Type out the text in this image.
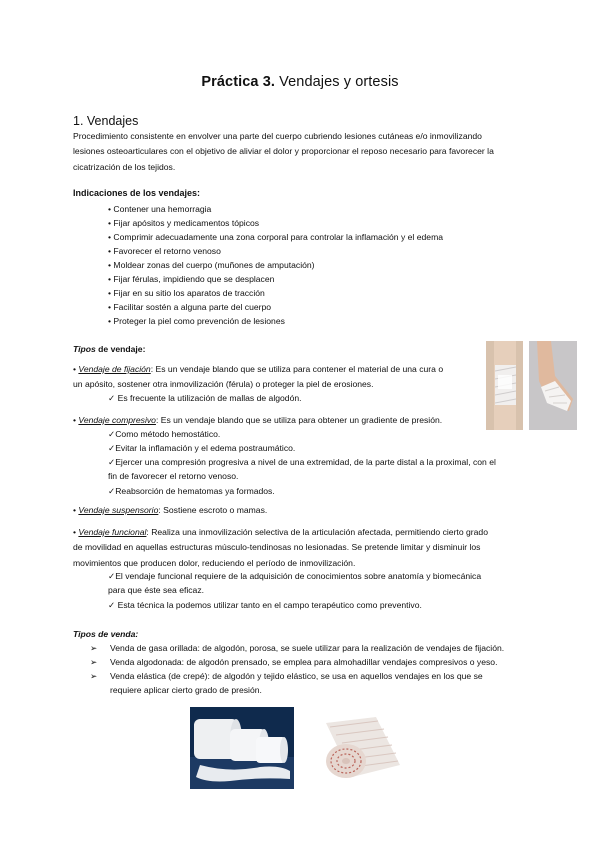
Práctica 3. Vendajes y ortesis
1. Vendajes
Procedimiento consistente en envolver una parte del cuerpo cubriendo lesiones cutáneas e/o inmovilizando
lesiones osteoarticulares con el objetivo de aliviar el dolor y proporcionar el reposo necesario para favorecer la
cicatrización de los tejidos.
Indicaciones de los vendajes:
• Contener una hemorragia
• Fijar apósitos y medicamentos tópicos
• Comprimir adecuadamente una zona corporal para controlar la inflamación y el edema
• Favorecer el retorno venoso
• Moldear zonas del cuerpo (muñones de amputación)
• Fijar férulas, impidiendo que se desplacen
• Fijar en su sitio los aparatos de tracción
• Facilitar sostén a alguna parte del cuerpo
• Proteger la piel como prevención de lesiones
Tipos de vendaje:
• Vendaje de fijación: Es un vendaje blando que se utiliza para contener el material de una cura o
un apósito, sostener otra inmovilización (férula) o proteger la piel de erosiones.
✓ Es frecuente la utilización de mallas de algodón.
• Vendaje compresivo: Es un vendaje blando que se utiliza para obtener un gradiente de presión.
✓Como método hemostático.
✓Evitar la inflamación y el edema postraumático.
✓Ejercer una compresión progresiva a nivel de una extremidad, de la parte distal a la proximal, con el
fin de favorecer el retorno venoso.
✓Reabsorción de hematomas ya formados.
• Vendaje suspensorio: Sostiene escroto o mamas.
• Vendaje funcional: Realiza una inmovilización selectiva de la articulación afectada, permitiendo cierto grado
de movilidad en aquellas estructuras músculo-tendinosas no lesionadas. Se pretende limitar y disminuir los
movimientos que producen dolor, reduciendo el período de inmovilización.
✓El vendaje funcional requiere de la adquisición de conocimientos sobre anatomía y biomecánica
para que éste sea eficaz.
✓ Esta técnica la podemos utilizar tanto en el campo terapéutico como preventivo.
Tipos de venda:
➢ Venda de gasa orillada: de algodón, porosa, se suele utilizar para la realización de vendajes de fijación.
➢ Venda algodonada: de algodón prensado, se emplea para almohadillar vendajes compresivos o yeso.
➢ Venda elástica (de crepé): de algodón y tejido elástico, se usa en aquellos vendajes en los que se
requiere aplicar cierto grado de presión.
